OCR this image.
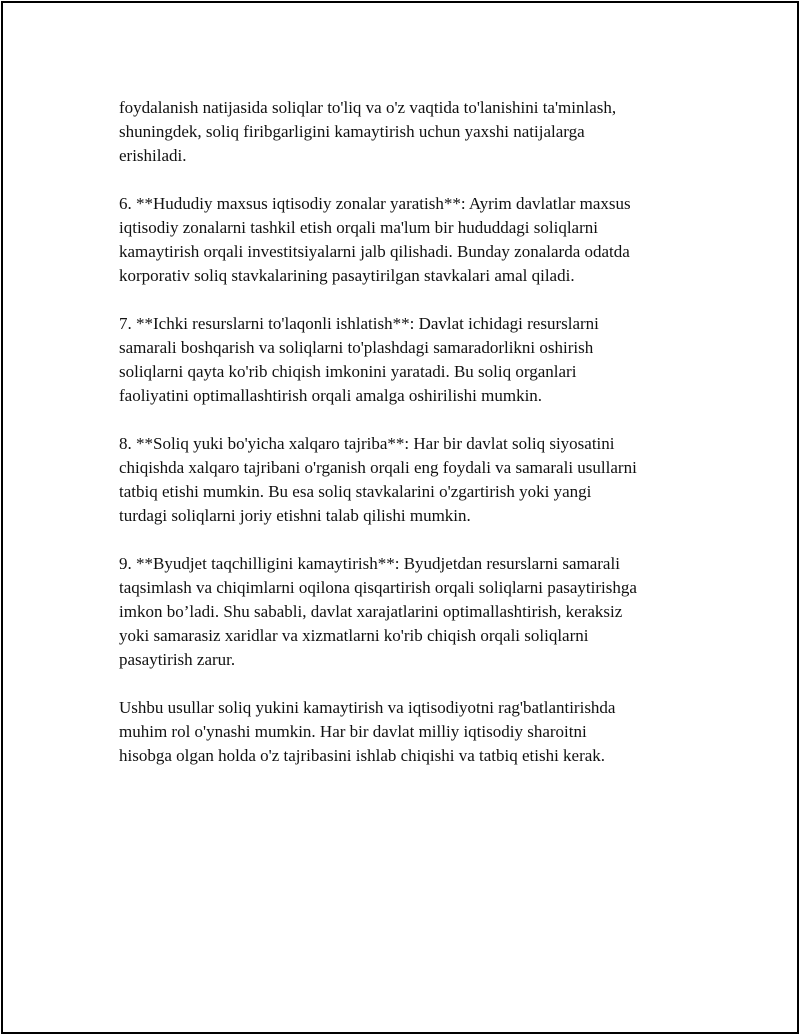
foydalanish natijasida soliqlar to'liq va o'z vaqtida to'lanishini ta'minlash,
shuningdek, soliq firibgarligini kamaytirish uchun yaxshi natijalarga
erishiladi.

6. **Hududiy maxsus iqtisodiy zonalar yaratish**: Ayrim davlatlar maxsus
iqtisodiy zonalarni tashkil etish orqali ma'lum bir hududdagi soliqlarni
kamaytirish orqali investitsiyalarni jalb qilishadi. Bunday zonalarda odatda
korporativ soliq stavkalarining pasaytirilgan stavkalari amal qiladi.

7. **Ichki resurslarni to'laqonli ishlatish**: Davlat ichidagi resurslarni
samarali boshqarish va soliqlarni to'plashdagi samaradorlikni oshirish
soliqlarni qayta ko'rib chiqish imkonini yaratadi. Bu soliq organlari
faoliyatini optimallashtirish orqali amalga oshirilishi mumkin.

8. **Soliq yuki bo'yicha xalqaro tajriba**: Har bir davlat soliq siyosatini
chiqishda xalqaro tajribani o'rganish orqali eng foydali va samarali usullarni
tatbiq etishi mumkin. Bu esa soliq stavkalarini o'zgartirish yoki yangi
turdagi soliqlarni joriy etishni talab qilishi mumkin.

9. **Byudjet taqchilligini kamaytirish**: Byudjetdan resurslarni samarali
taqsimlash va chiqimlarni oqilona qisqartirish orqali soliqlarni pasaytirishga
imkon bo’ladi. Shu sababli, davlat xarajatlarini optimallashtirish, keraksiz
yoki samarasiz xaridlar va xizmatlarni ko'rib chiqish orqali soliqlarni
pasaytirish zarur.

Ushbu usullar soliq yukini kamaytirish va iqtisodiyotni rag'batlantirishda
muhim rol o'ynashi mumkin. Har bir davlat milliy iqtisodiy sharoitni
hisobga olgan holda o'z tajribasini ishlab chiqishi va tatbiq etishi kerak.
